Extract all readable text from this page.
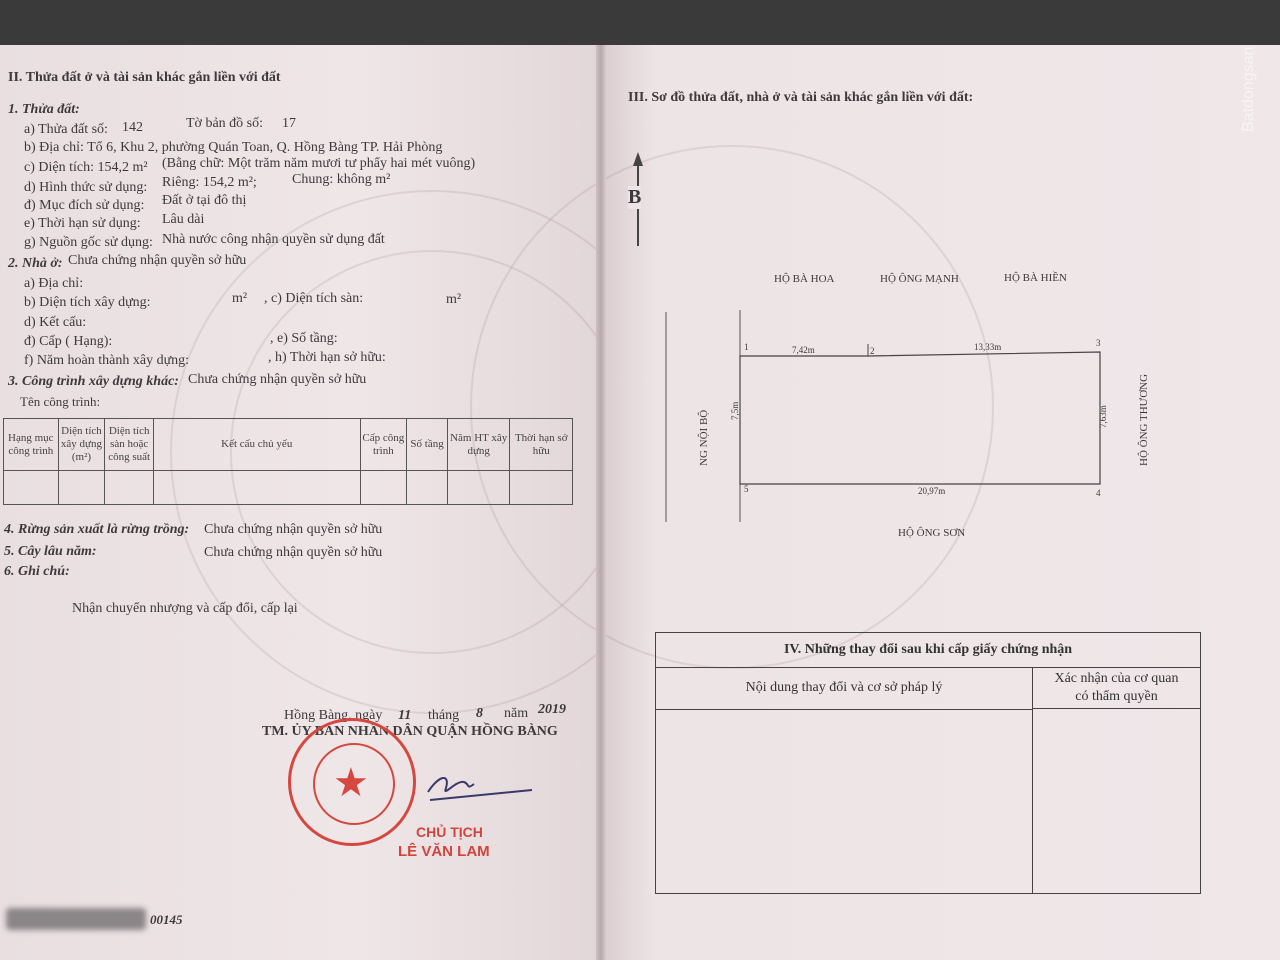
II. Thửa đất ở và tài sản khác gắn liền với đất
1. Thửa đất:
a) Thửa đất số: 142	Tờ bản đồ số: 17
b) Địa chỉ: Tổ 6, Khu 2, phường Quán Toan, Q. Hồng Bàng TP. Hải Phòng
c) Diện tích: 154,2 m² (Bằng chữ: Một trăm năm mươi tư phẩy hai mét vuông)
d) Hình thức sử dụng: Riêng: 154,2 m²;	Chung: không m²
đ) Mục đích sử dụng: Đất ở tại đô thị
e) Thời hạn sử dụng: Lâu dài
g) Nguồn gốc sử dụng: Nhà nước công nhận quyền sử dụng đất
2. Nhà ở: Chưa chứng nhận quyền sở hữu
a) Địa chỉ:
b) Diện tích xây dựng:	m² , c) Diện tích sàn:	m²
d) Kết cấu:
đ) Cấp ( Hạng):	, e) Số tầng:
f) Năm hoàn thành xây dựng:	, h) Thời hạn sở hữu:
3. Công trình xây dựng khác: Chưa chứng nhận quyền sở hữu
Tên công trình:
Hạng mục công trình	Diện tích xây dựng (m²)	Diện tích sàn hoặc công suất	Kết cấu chủ yếu	Cấp công trình	Số tầng	Năm HT xây dựng	Thời hạn sở hữu

4. Rừng sản xuất là rừng trồng: Chưa chứng nhận quyền sở hữu
5. Cây lâu năm:	Chưa chứng nhận quyền sở hữu
6. Ghi chú:
Nhận chuyển nhượng và cấp đổi, cấp lại
Hồng Bàng, ngày 11 tháng 8 năm 2019
TM. ỦY BAN NHÂN DÂN QUẬN HỒNG BÀNG
★
CHỦ TỊCH
LÊ VĂN LAM
00145
III. Sơ đồ thửa đất, nhà ở và tài sản khác gắn liền với đất:
B
HỘ BÀ HOA	HỘ ÔNG MẠNH	HỘ BÀ HIỀN
HỘ ÔNG SƠN
HỘ ÔNG THƯƠNG
NG NỘI BỘ
1	2
3
4
5
7,42m	13,33m
7,63m
20,97m
7,5m
IV. Những thay đổi sau khi cấp giấy chứng nhận
Nội dung thay đổi và cơ sở pháp lý
Xác nhận của cơ quan
có thẩm quyền
Batdongsan
